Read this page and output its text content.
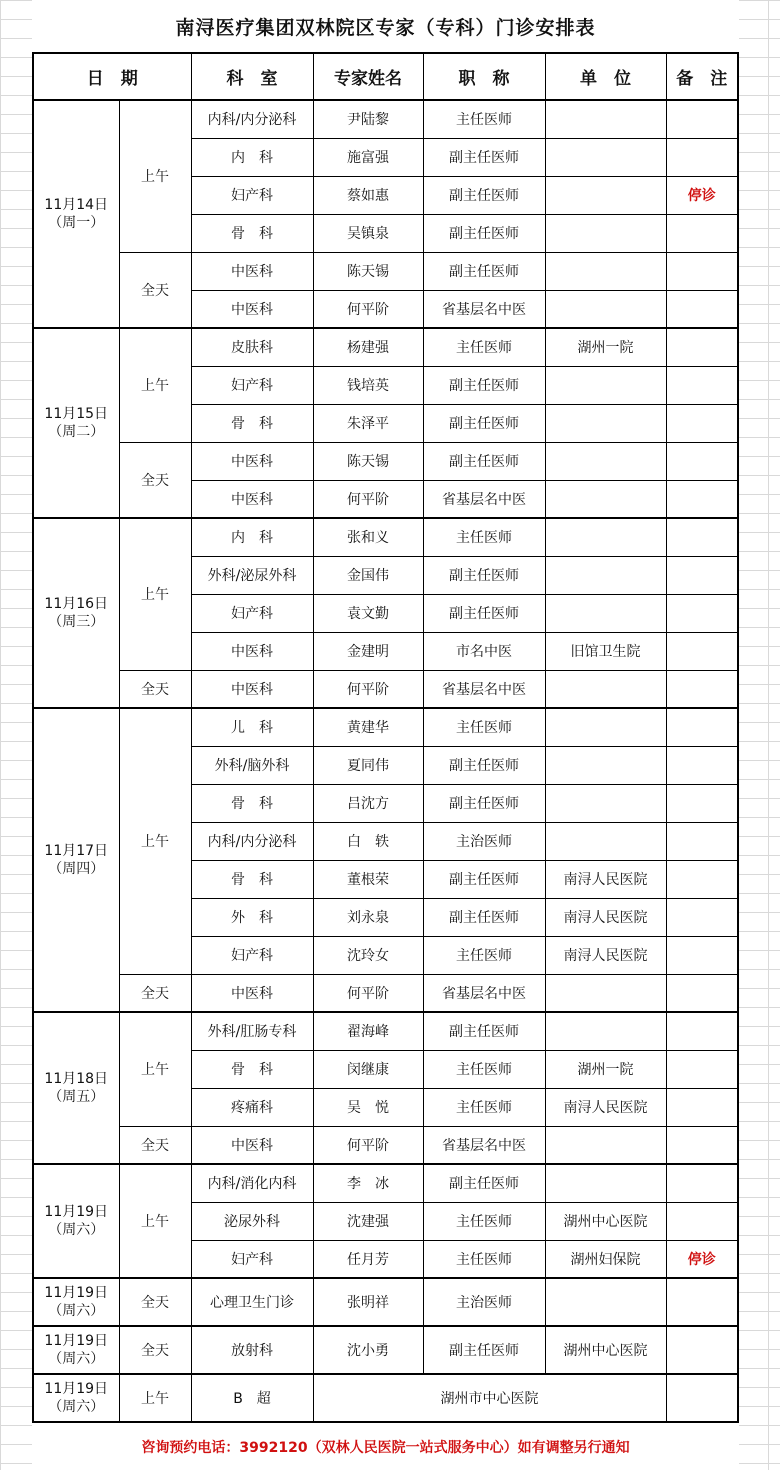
南浔医疗集团双林院区专家（专科）门诊安排表
日　期		科　室	专家姓名	职　称	单　位	备　注

11月14日
（周一）	上午	内科/内分泌科	尹陆黎	主任医师		
		内　科	施富强	副主任医师		
		妇产科	蔡如惠	副主任医师		停诊
		骨　科	吴镇泉	副主任医师		
	全天	中医科	陈天锡	副主任医师		
		中医科	何平阶	省基层名中医		

11月15日
（周二）	上午	皮肤科	杨建强	主任医师	湖州一院	
		妇产科	钱培英	副主任医师		
		骨　科	朱泽平	副主任医师		
	全天	中医科	陈天锡	副主任医师		
		中医科	何平阶	省基层名中医		

11月16日
（周三）	上午	内　科	张和义	主任医师		
		外科/泌尿外科	金国伟	副主任医师		
		妇产科	袁文勤	副主任医师		
		中医科	金建明	市名中医	旧馆卫生院	
	全天	中医科	何平阶	省基层名中医		

11月17日
（周四）	上午	儿　科	黄建华	主任医师		
		外科/脑外科	夏同伟	副主任医师		
		骨　科	吕沈方	副主任医师		
		内科/内分泌科	白　轶	主治医师		
		骨　科	董根荣	副主任医师	南浔人民医院	
		外　科	刘永泉	副主任医师	南浔人民医院	
		妇产科	沈玲女	主任医师	南浔人民医院	
	全天	中医科	何平阶	省基层名中医		

11月18日
（周五）	上午	外科/肛肠专科	翟海峰	副主任医师		
		骨　科	闵继康	主任医师	湖州一院	
		疼痛科	吴　悦	主任医师	南浔人民医院	
	全天	中医科	何平阶	省基层名中医		

11月19日
（周六）	上午	内科/消化内科	李　冰	副主任医师		
		泌尿外科	沈建强	主任医师	湖州中心医院	
		妇产科	任月芳	主任医师	湖州妇保院	停诊

11月19日
（周六）	全天	心理卫生门诊	张明祥	主治医师		

11月19日
（周六）	全天	放射科	沈小勇	副主任医师	湖州中心医院	

11月19日
（周六）	上午	B　超	湖州市中心医院			
咨询预约电话：3992120（双林人民医院一站式服务中心）如有调整另行通知
